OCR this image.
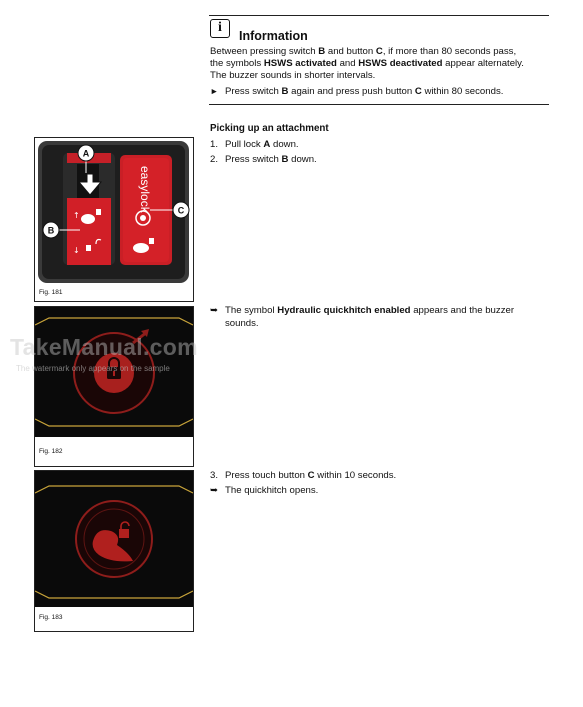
i
Information
Between pressing switch B and button C, if more than 80 seconds pass,
the symbols HSWS activated and HSWS deactivated appear alternately.
The buzzer sounds in shorter intervals.
► Press switch B again and press push button C within 80 seconds.
Picking up an attachment
1. Pull lock A down.
2. Press switch B down.
➥ The symbol Hydraulic quickhitch enabled appears and the buzzer
sounds.
3. Press touch button C within 10 seconds.
➥ The quickhitch opens.
↑
↓
easylock
A
B
C
Fig. 181
Fig. 182
Fig. 183
TakeManual.com
The watermark only appears on the sample
